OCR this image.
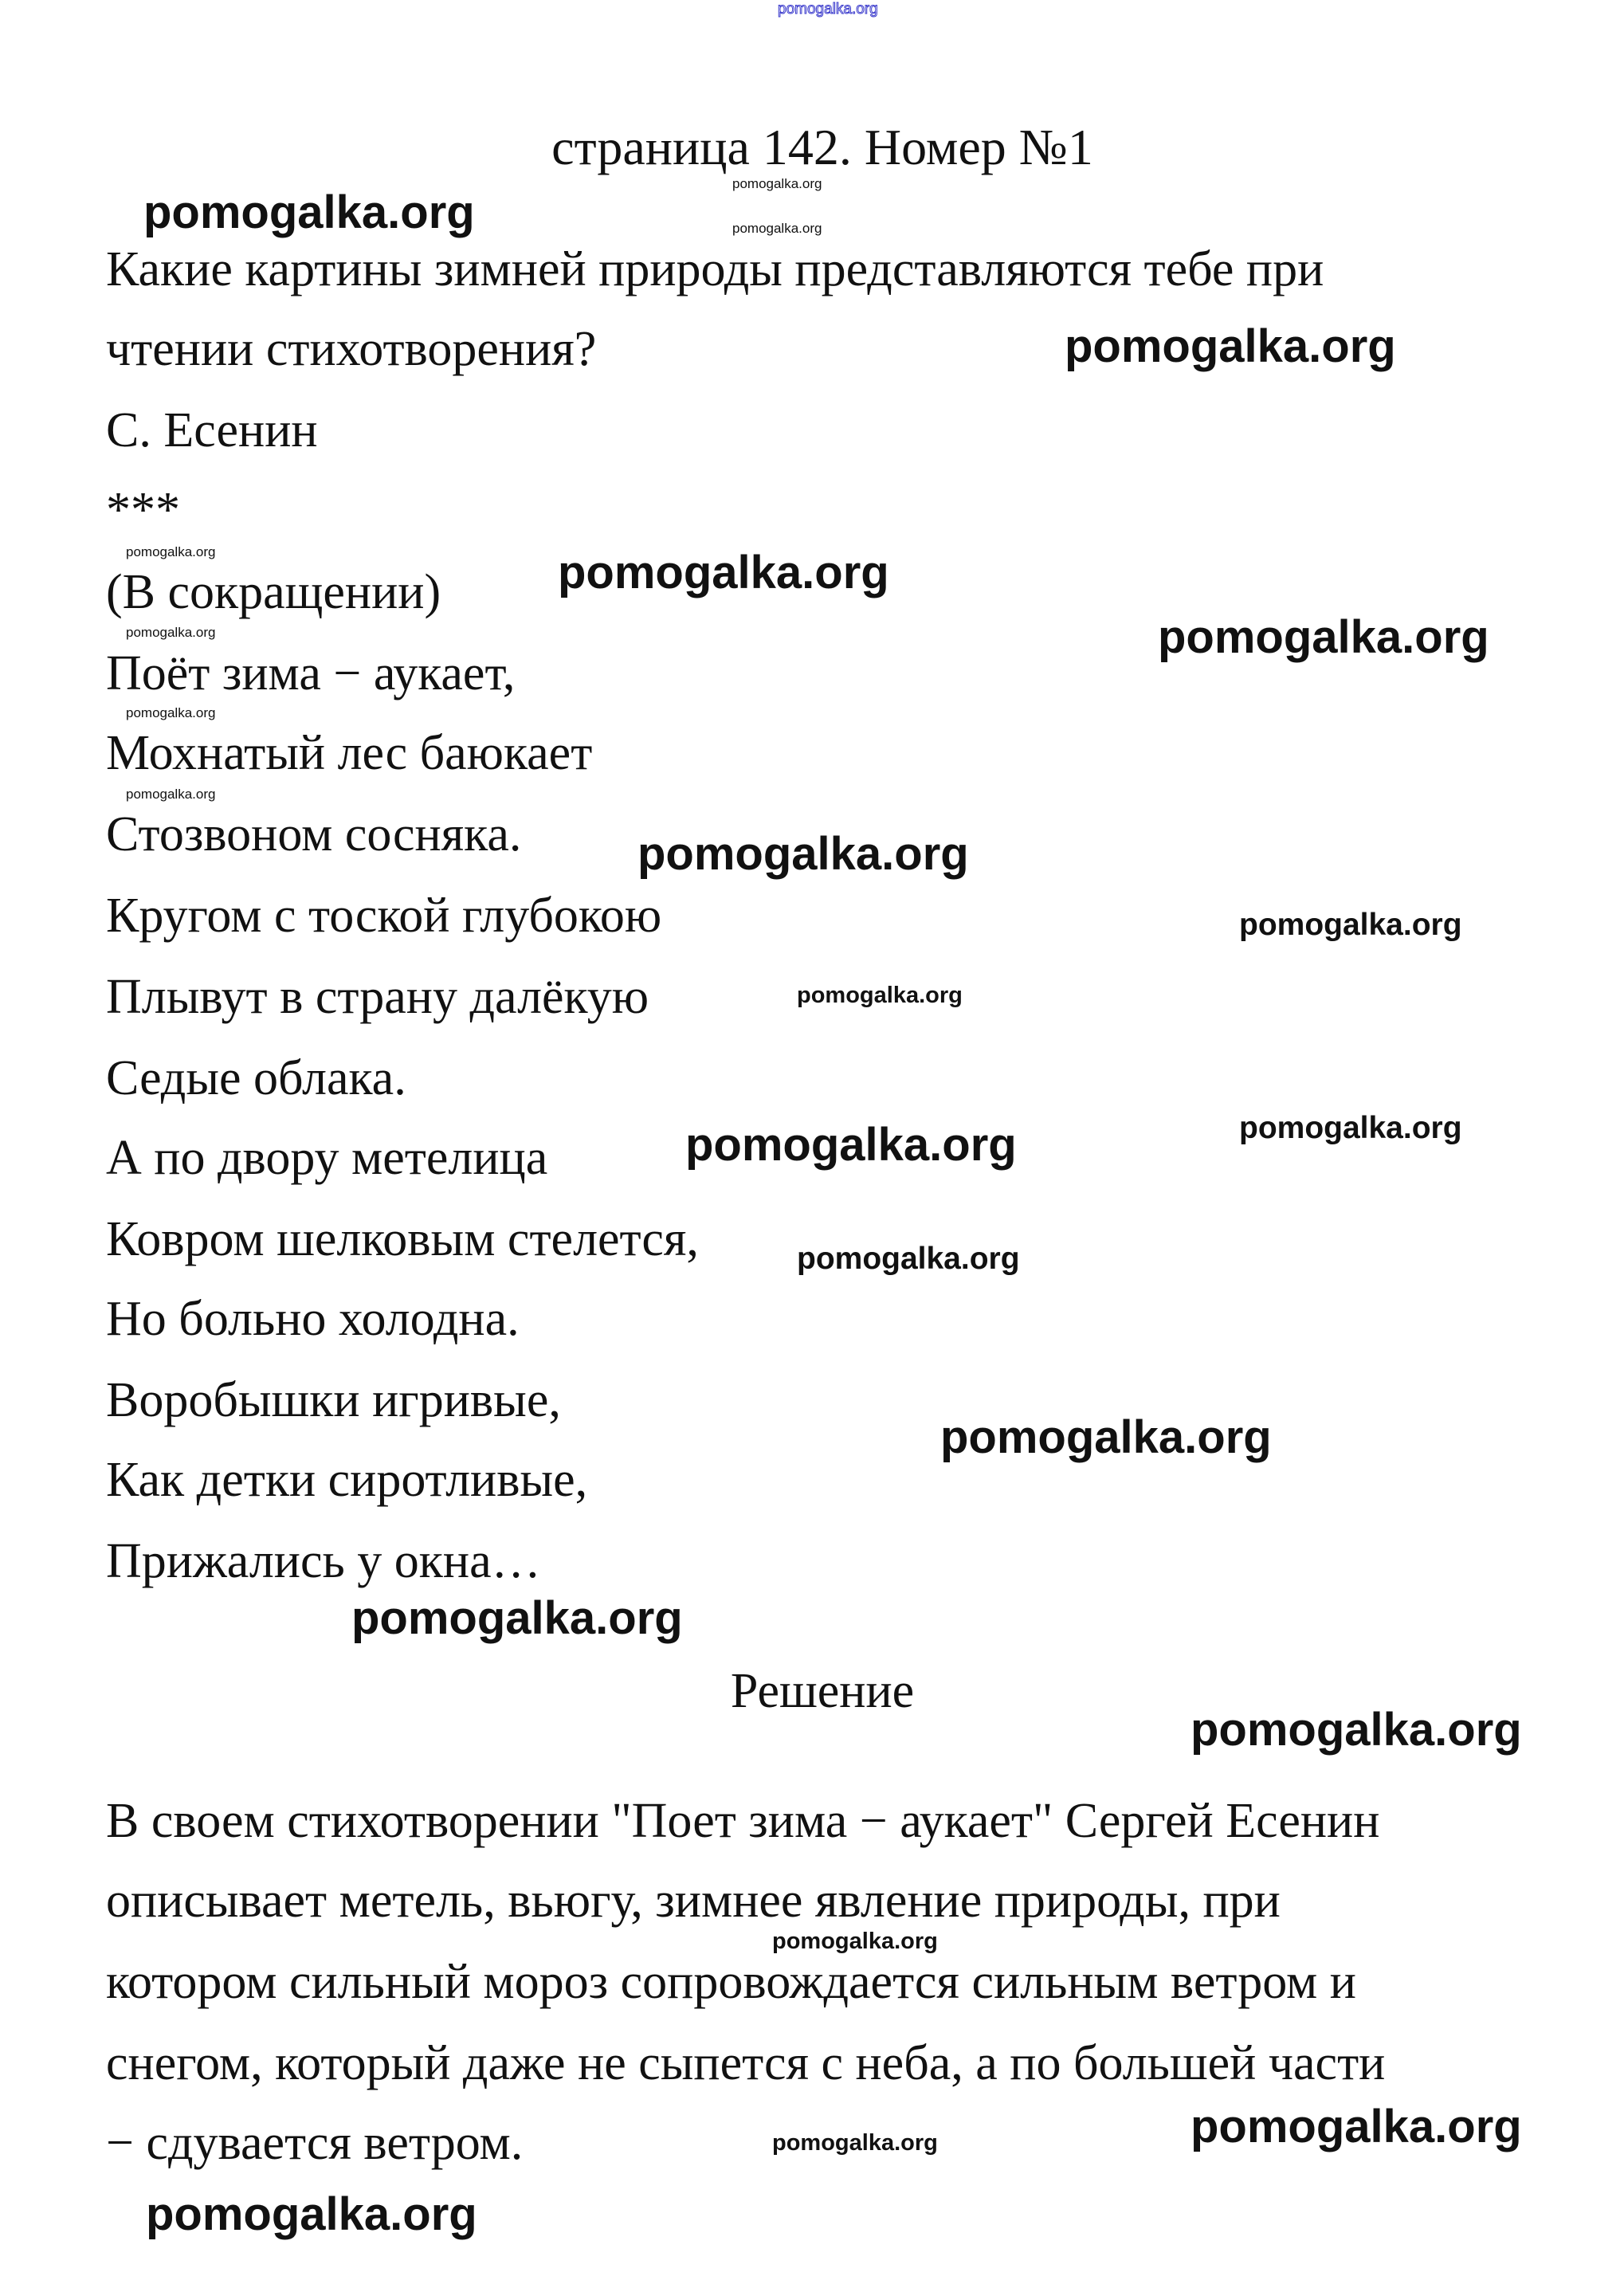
pomogalka.org
страница 142. Номер №1
Какие картины зимней природы представляются тебе при
чтении стихотворения?
С. Есенин
***
(В сокращении)
Поёт зима − аукает,
Мохнатый лес баюкает
Стозвоном сосняка.
Кругом с тоской глубокою
Плывут в страну далёкую
Седые облака.
А по двору метелица
Ковром шелковым стелется,
Но больно холодна.
Воробышки игривые,
Как детки сиротливые,
Прижались у окна…
Решение
В своем стихотворении "Поет зима − аукает" Сергей Есенин
описывает метель, вьюгу, зимнее явление природы, при
котором сильный мороз сопровождается сильным ветром и
снегом, который даже не сыпется с неба, а по большей части
− сдувается ветром.
pomogalka.org
pomogalka.org
pomogalka.org
pomogalka.org
pomogalka.org
pomogalka.org
pomogalka.org
pomogalka.org
pomogalka.org
pomogalka.org
pomogalka.org
pomogalka.org
pomogalka.org
pomogalka.org
pomogalka.org
pomogalka.org
pomogalka.org
pomogalka.org
pomogalka.org
pomogalka.org
pomogalka.org
pomogalka.org
pomogalka.org
